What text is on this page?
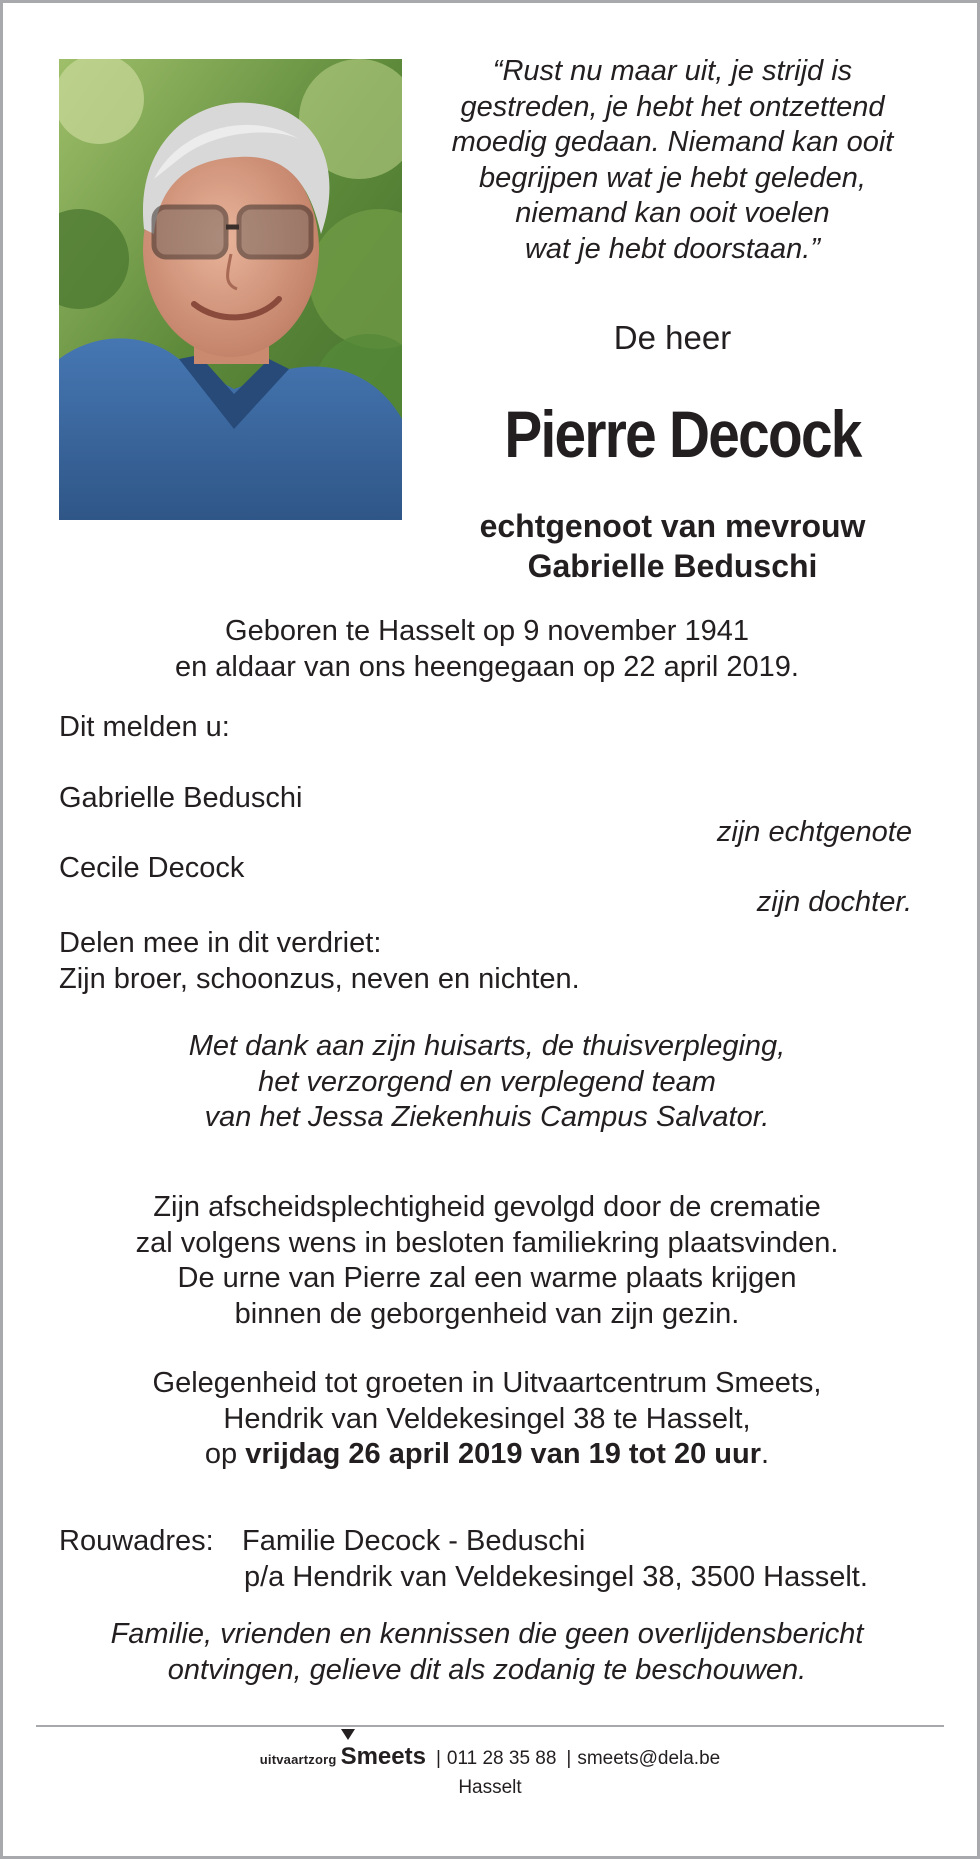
“Rust nu maar uit, je strijd is
gestreden, je hebt het ontzettend
moedig gedaan. Niemand kan ooit
begrijpen wat je hebt geleden,
niemand kan ooit voelen
wat je hebt doorstaan.”
De heer
Pierre Decock
echtgenoot van mevrouw
Gabrielle Beduschi
Geboren te Hasselt op 9 november 1941
en aldaar van ons heengegaan op 22 april 2019.
Dit melden u:
Gabrielle Beduschi
zijn echtgenote
Cecile Decock
zijn dochter.
Delen mee in dit verdriet:
Zijn broer, schoonzus, neven en nichten.
Met dank aan zijn huisarts, de thuisverpleging,
het verzorgend en verplegend team
van het Jessa Ziekenhuis Campus Salvator.
Zijn afscheidsplechtigheid gevolgd door de crematie
zal volgens wens in besloten familiekring plaatsvinden.
De urne van Pierre zal een warme plaats krijgen
binnen de geborgenheid van zijn gezin.
Gelegenheid tot groeten in Uitvaartcentrum Smeets,
Hendrik van Veldekesingel 38 te Hasselt,
op vrijdag 26 april 2019 van 19 tot 20 uur.
Rouwadres: Familie Decock - Beduschi
p/a Hendrik van Veldekesingel 38, 3500 Hasselt.
Familie, vrienden en kennissen die geen overlijdensbericht
ontvingen, gelieve dit als zodanig te beschouwen.
uitvaartzorg Smeets | 011 28 35 88 | smeets@dela.be
Hasselt
